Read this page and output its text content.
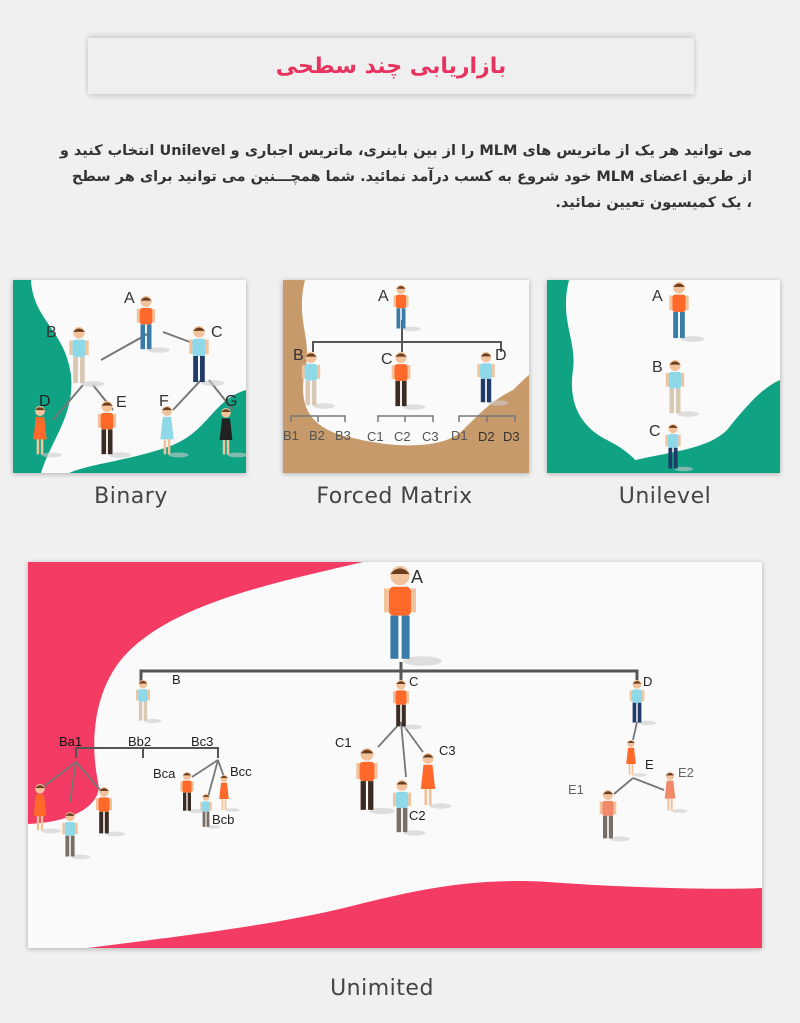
بازاریابی چند سطحی

می توانید هر یک از ماتریس های MLM را از بین باینری، ماتریس اجباری و Unilevel انتخاب کنید و

از طریق اعضای MLM خود شروع به کسب درآمد نمائید. شما همچـــنین می توانید برای هر سطح

، یک کمیسیون تعیین نمائید.

A
B	C
D	E F	G
Binary
A
B	C	D
B1 B2 B3 C1 C2 C3 D1 D2 D3
Forced Matrix
A
B
C
Unilevel
A
B	C	D
Ba1	Bb2	Bc3
Bca
Bcb
Bcc
C1
C2
C3
E
E1
E2
Unimited
